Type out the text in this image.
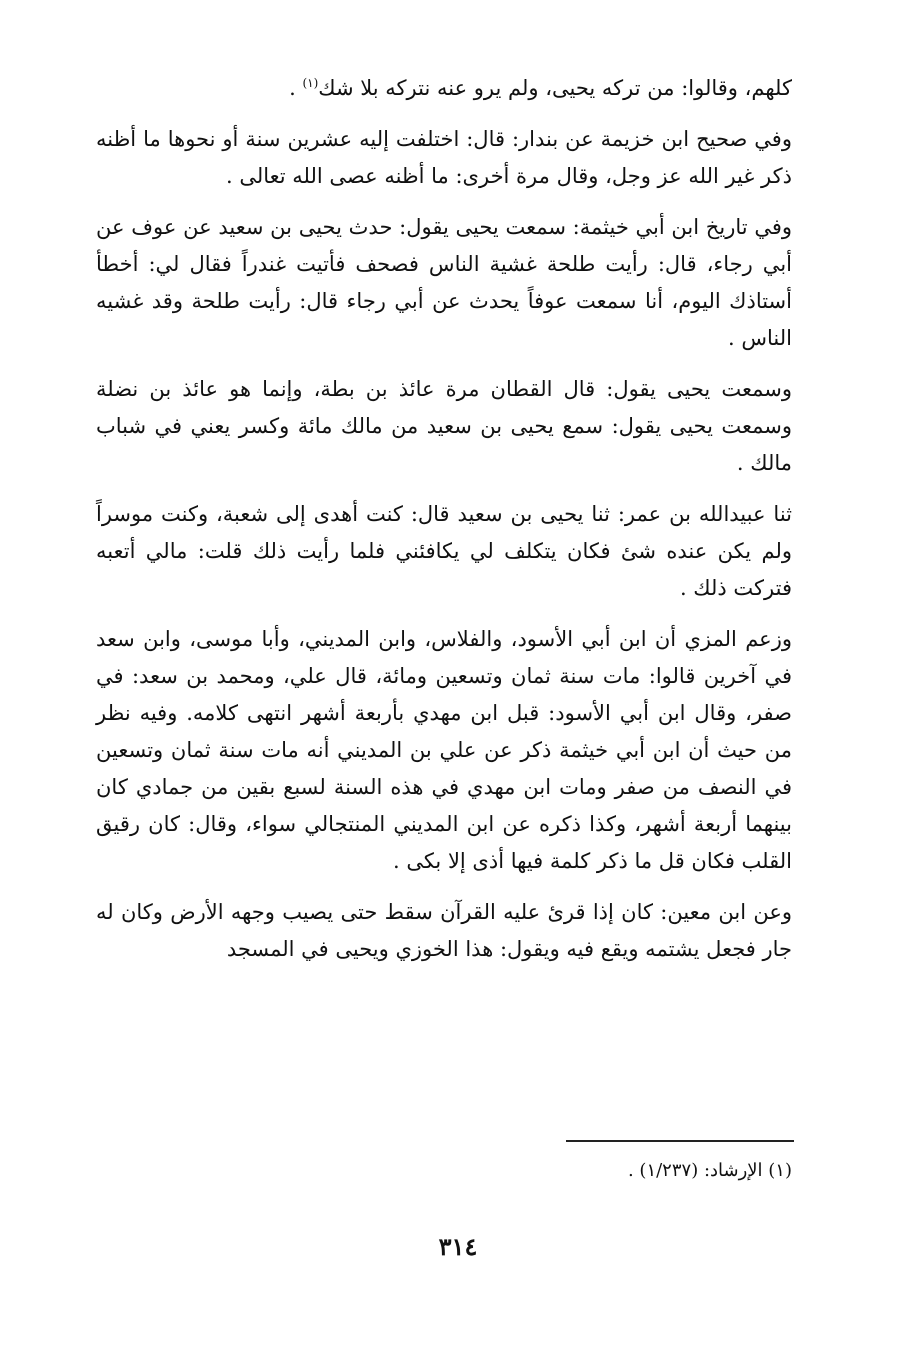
كلهم، وقالوا: من تركه يحيى، ولم يرو عنه نتركه بلا شك$^{(١)}$ .

وفي صحيح ابن خزيمة عن بندار: قال: اختلفت إليه عشرين سنة أو نحوها ما أظنه ذكر غير الله عز وجل، وقال مرة أخرى: ما أظنه عصى الله تعالى .

وفي تاريخ ابن أبي خيثمة: سمعت يحيى يقول: حدث يحيى بن سعيد عن عوف عن أبي رجاء، قال: رأيت طلحة غشية الناس فصحف فأتيت غندراً فقال لي: أخطأ أستاذك اليوم، أنا سمعت عوفاً يحدث عن أبي رجاء قال: رأيت طلحة وقد غشيه الناس .

وسمعت يحيى يقول: قال القطان مرة عائذ بن بطة، وإنما هو عائذ بن نضلة وسمعت يحيى يقول: سمع يحيى بن سعيد من مالك مائة وكسر يعني في شباب مالك .

ثنا عبيدالله بن عمر: ثنا يحيى بن سعيد قال: كنت أهدى إلى شعبة، وكنت موسراً ولم يكن عنده شئ فكان يتكلف لي يكافئني فلما رأيت ذلك قلت: مالي أتعبه فتركت ذلك .

وزعم المزي أن ابن أبي الأسود، والفلاس، وابن المديني، وأبا موسى، وابن سعد في آخرين قالوا: مات سنة ثمان وتسعين ومائة، قال علي، ومحمد بن سعد: في صفر، وقال ابن أبي الأسود: قبل ابن مهدي بأربعة أشهر انتهى كلامه. وفيه نظر من حيث أن ابن أبي خيثمة ذكر عن علي بن المديني أنه مات سنة ثمان وتسعين في النصف من صفر ومات ابن مهدي في هذه السنة لسبع بقين من جمادي كان بينهما أربعة أشهر، وكذا ذكره عن ابن المديني المنتجالي سواء، وقال: كان رقيق القلب فكان قل ما ذكر كلمة فيها أذى إلا بكى .

وعن ابن معين: كان إذا قرئ عليه القرآن سقط حتى يصيب وجهه الأرض وكان له جار فجعل يشتمه ويقع فيه ويقول: هذا الخوزي ويحيى في المسجد

(١) الإرشاد: (١/٢٣٧) .
٣١٤
